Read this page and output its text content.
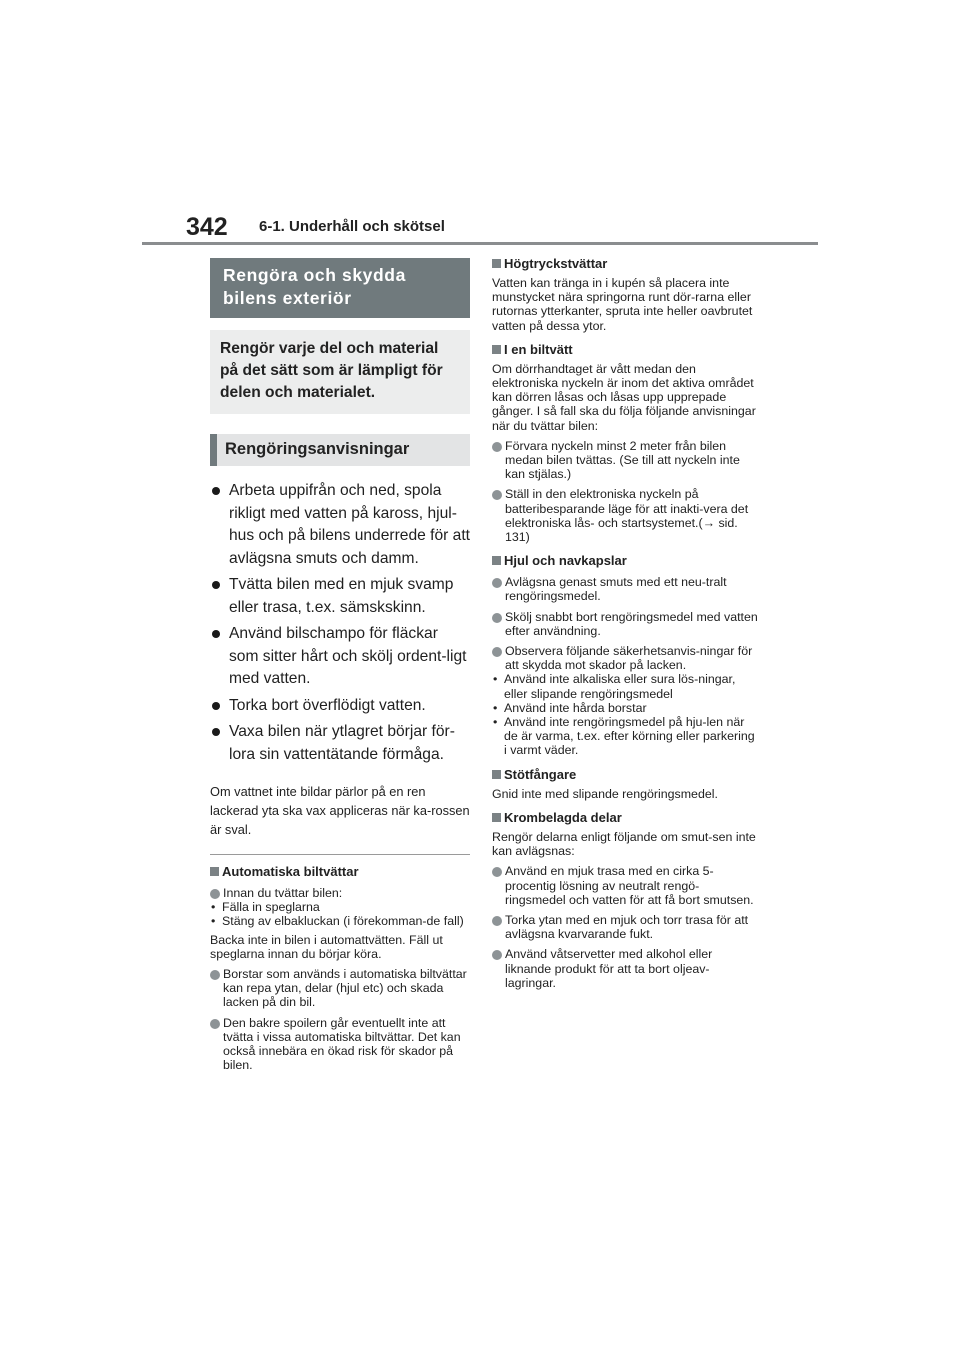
342 6-1. Underhåll och skötsel
Rengöra och skydda bilens exteriör
Rengör varje del och material på det sätt som är lämpligt för delen och materialet.
Rengöringsanvisningar
Arbeta uppifrån och ned, spola rikligt med vatten på kaross, hjul-hus och på bilens underrede för att avlägsna smuts och damm.
Tvätta bilen med en mjuk svamp eller trasa, t.ex. sämskskinn.
Använd bilschampo för fläckar som sitter hårt och skölj ordent-ligt med vatten.
Torka bort överflödigt vatten.
Vaxa bilen när ytlagret börjar för-lora sin vattentätande förmåga.
Om vattnet inte bildar pärlor på en ren lackerad yta ska vax appliceras när ka-rossen är sval.
Automatiska biltvättar
Innan du tvättar bilen:
• Fälla in speglarna
• Stäng av elbakluckan (i förekomman-de fall)
Backa inte in bilen i automattvätten. Fäll ut speglarna innan du börjar köra.
Borstar som används i automatiska biltvättar kan repa ytan, delar (hjul etc) och skada lacken på din bil.
Den bakre spoilern går eventuellt inte att tvätta i vissa automatiska biltvättar. Det kan också innebära en ökad risk för skador på bilen.
Högtryckstvättar
Vatten kan tränga in i kupén så placera inte munstycket nära springorna runt dör-rarna eller rutornas ytterkanter, spruta inte heller oavbrutet vatten på dessa ytor.
I en biltvätt
Om dörrhandtaget är vått medan den elektroniska nyckeln är inom det aktiva området kan dörren låsas och låsas upp upprepade gånger. I så fall ska du följa följande anvisningar när du tvättar bilen:
Förvara nyckeln minst 2 meter från bilen medan bilen tvättas. (Se till att nyckeln inte kan stjälas.)
Ställ in den elektroniska nyckeln på batteribesparande läge för att inakti-vera det elektroniska lås- och startsystemet.(→ sid. 131)
Hjul och navkapslar
Avlägsna genast smuts med ett neu-tralt rengöringsmedel.
Skölj snabbt bort rengöringsmedel med vatten efter användning.
Observera följande säkerhetsanvis-ningar för att skydda mot skador på lacken.
• Använd inte alkaliska eller sura lös-ningar, eller slipande rengöringsmedel
• Använd inte hårda borstar
• Använd inte rengöringsmedel på hju-len när de är varma, t.ex. efter körning eller parkering i varmt väder.
Stötfångare
Gnid inte med slipande rengöringsmedel.
Krombelagda delar
Rengör delarna enligt följande om smut-sen inte kan avlägsnas:
Använd en mjuk trasa med en cirka 5-procentig lösning av neutralt rengö-ringsmedel och vatten för att få bort smutsen.
Torka ytan med en mjuk och torr trasa för att avlägsna kvarvarande fukt.
Använd våtservetter med alkohol eller liknande produkt för att ta bort oljeav-lagringar.
